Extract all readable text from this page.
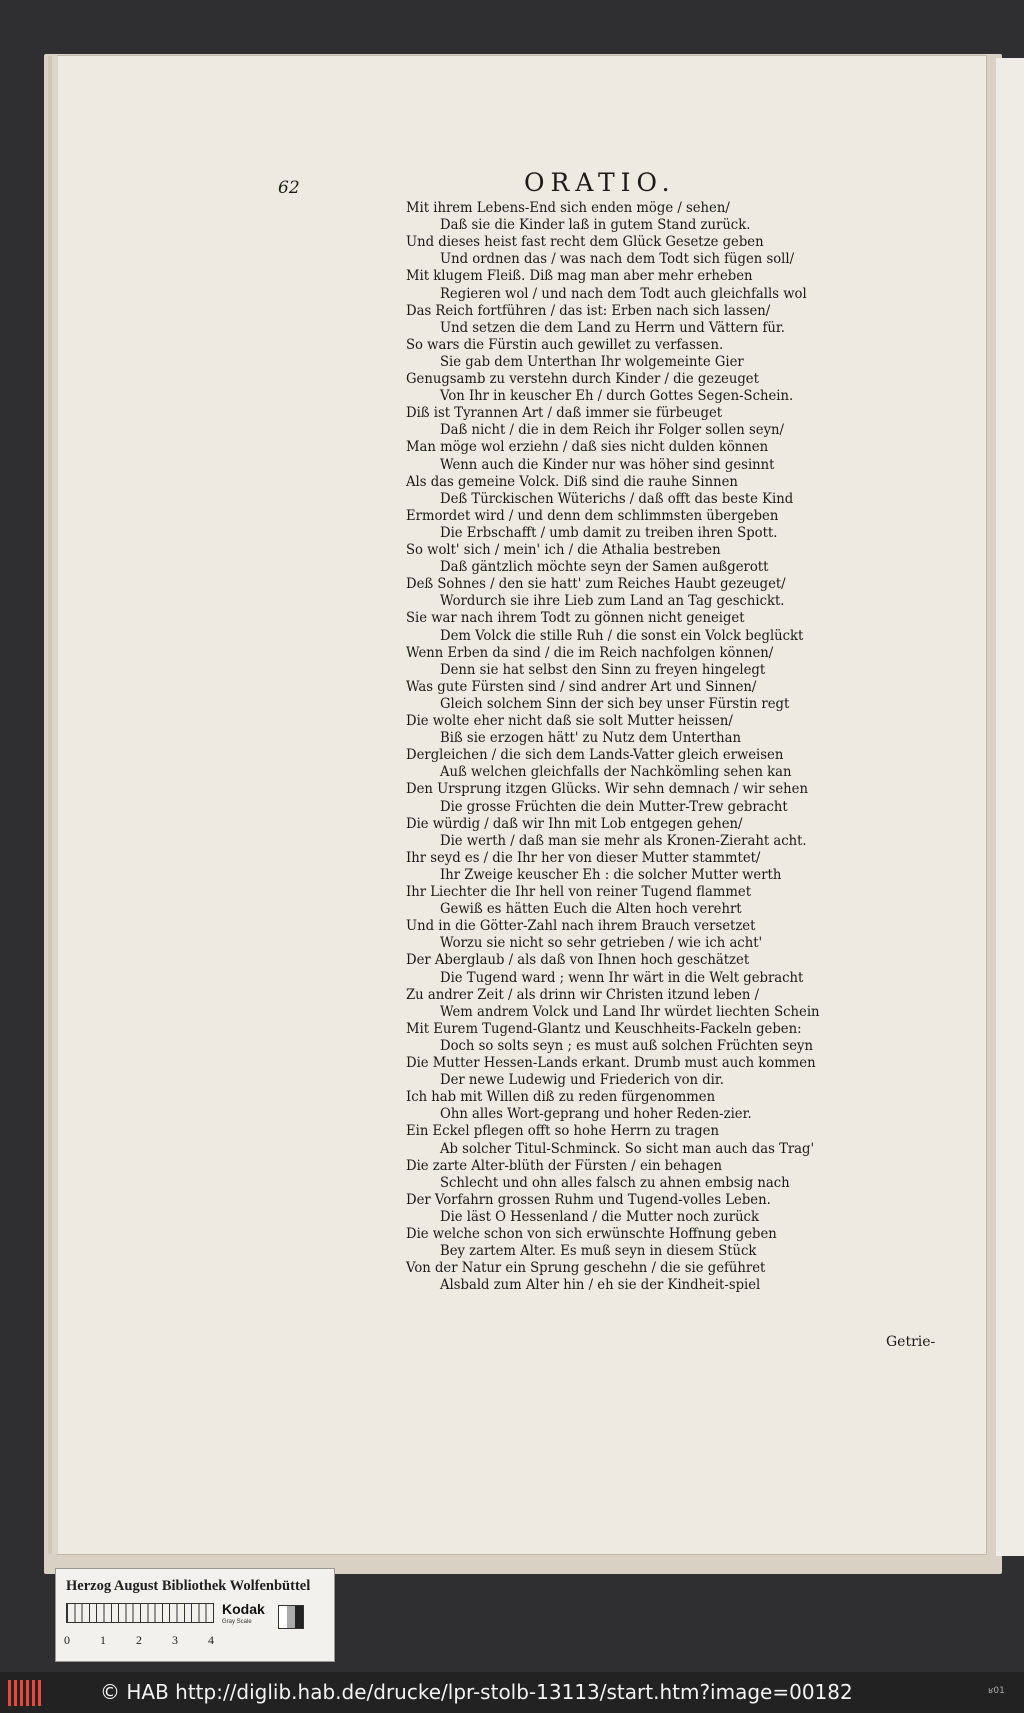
62	ORATIO.
Mit ihrem Lebens-End sich enden möge / sehen/
Daß sie die Kinder laß in gutem Stand zurück.
Und dieses heist fast recht dem Glück Gesetze geben
Und ordnen das / was nach dem Todt sich fügen soll/
Mit klugem Fleiß. Diß mag man aber mehr erheben
Regieren wol / und nach dem Todt auch gleichfalls wol
Das Reich fortführen / das ist: Erben nach sich lassen/
Und setzen die dem Land zu Herrn und Vättern für.
So wars die Fürstin auch gewillet zu verfassen.
Sie gab dem Unterthan Ihr wolgemeinte Gier
Genugsamb zu verstehn durch Kinder / die gezeuget
Von Ihr in keuscher Eh / durch Gottes Segen-Schein.
Diß ist Tyrannen Art / daß immer sie fürbeuget
Daß nicht / die in dem Reich ihr Folger sollen seyn/
Man möge wol erziehn / daß sies nicht dulden können
Wenn auch die Kinder nur was höher sind gesinnt
Als das gemeine Volck. Diß sind die rauhe Sinnen
Deß Türckischen Wüterichs / daß offt das beste Kind
Ermordet wird / und denn dem schlimmsten übergeben
Die Erbschafft / umb damit zu treiben ihren Spott.
So wolt' sich / mein' ich / die Athalia bestreben
Daß gäntzlich möchte seyn der Samen außgerott
Deß Sohnes / den sie hatt' zum Reiches Haubt gezeuget/
Wordurch sie ihre Lieb zum Land an Tag geschickt.
Sie war nach ihrem Todt zu gönnen nicht geneiget
Dem Volck die stille Ruh / die sonst ein Volck beglückt
Wenn Erben da sind / die im Reich nachfolgen können/
Denn sie hat selbst den Sinn zu freyen hingelegt
Was gute Fürsten sind / sind andrer Art und Sinnen/
Gleich solchem Sinn der sich bey unser Fürstin regt
Die wolte eher nicht daß sie solt Mutter heissen/
Biß sie erzogen hätt' zu Nutz dem Unterthan
Dergleichen / die sich dem Lands-Vatter gleich erweisen
Auß welchen gleichfalls der Nachkömling sehen kan
Den Ursprung itzgen Glücks. Wir sehn demnach / wir sehen
Die grosse Früchten die dein Mutter-Trew gebracht
Die würdig / daß wir Ihn mit Lob entgegen gehen/
Die werth / daß man sie mehr als Kronen-Zieraht acht.
Ihr seyd es / die Ihr her von dieser Mutter stammtet/
Ihr Zweige keuscher Eh : die solcher Mutter werth
Ihr Liechter die Ihr hell von reiner Tugend flammet
Gewiß es hätten Euch die Alten hoch verehrt
Und in die Götter-Zahl nach ihrem Brauch versetzet
Worzu sie nicht so sehr getrieben / wie ich acht'
Der Aberglaub / als daß von Ihnen hoch geschätzet
Die Tugend ward ; wenn Ihr wärt in die Welt gebracht
Zu andrer Zeit / als drinn wir Christen itzund leben /
Wem andrem Volck und Land Ihr würdet liechten Schein
Mit Eurem Tugend-Glantz und Keuschheits-Fackeln geben:
Doch so solts seyn ; es must auß solchen Früchten seyn
Die Mutter Hessen-Lands erkant. Drumb must auch kommen
Der newe Ludewig und Friederich von dir.
Ich hab mit Willen diß zu reden fürgenommen
Ohn alles Wort-geprang und hoher Reden-zier.
Ein Eckel pflegen offt so hohe Herrn zu tragen
Ab solcher Titul-Schminck. So sicht man auch das Trag'
Die zarte Alter-blüth der Fürsten / ein behagen
Schlecht und ohn alles falsch zu ahnen embsig nach
Der Vorfahrn grossen Ruhm und Tugend-volles Leben.
Die läst O Hessenland / die Mutter noch zurück
Die welche schon von sich erwünschte Hoffnung geben
Bey zartem Alter. Es muß seyn in diesem Stück
Von der Natur ein Sprung geschehn / die sie geführet
Alsbald zum Alter hin / eh sie der Kindheit-spiel
Getrie-
Herzog August Bibliothek Wolfenbüttel
0	1	2	3	4
Kodak
Gray Scale
© HAB http://diglib.hab.de/drucke/lpr-stolb-13113/start.htm?image=00182	ʁ01
